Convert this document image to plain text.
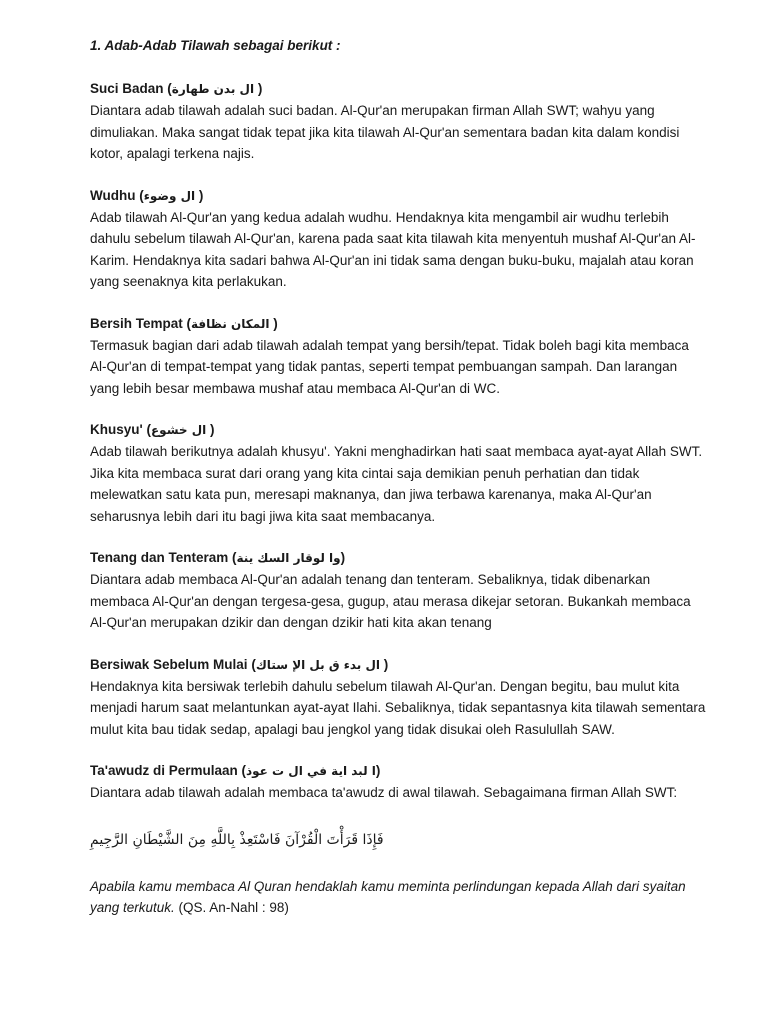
1. Adab-Adab Tilawah sebagai berikut :

Suci Badan (ال بدن طهارة )

Diantara adab tilawah adalah suci badan. Al-Qur'an merupakan firman Allah SWT; wahyu yang dimuliakan. Maka sangat tidak tepat jika kita tilawah Al-Qur'an sementara badan kita dalam kondisi kotor, apalagi terkena najis.

Wudhu (ال وضوء )

Adab tilawah Al-Qur'an yang kedua adalah wudhu. Hendaknya kita mengambil air wudhu terlebih dahulu sebelum tilawah Al-Qur'an, karena pada saat kita tilawah kita menyentuh mushaf Al-Qur'an Al-Karim. Hendaknya kita sadari bahwa Al-Qur'an ini tidak sama dengan buku-buku, majalah atau koran yang seenaknya kita perlakukan.

Bersih Tempat (المكان نظافة )

Termasuk bagian dari adab tilawah adalah tempat yang bersih/tepat. Tidak boleh bagi kita membaca Al-Qur'an di tempat-tempat yang tidak pantas, seperti tempat pembuangan sampah. Dan larangan yang lebih besar membawa mushaf atau membaca Al-Qur'an di WC.

Khusyu' (ال خشوع )

Adab tilawah berikutnya adalah khusyu'. Yakni menghadirkan hati saat membaca ayat-ayat Allah SWT. Jika kita membaca surat dari orang yang kita cintai saja demikian penuh perhatian dan tidak melewatkan satu kata pun, meresapi maknanya, dan jiwa terbawa karenanya, maka Al-Qur'an seharusnya lebih dari itu bagi jiwa kita saat membacanya.

Tenang dan Tenteram (وا لوقار السك ينة)

Diantara adab membaca Al-Qur'an adalah tenang dan tenteram. Sebaliknya, tidak dibenarkan membaca Al-Qur'an dengan tergesa-gesa, gugup, atau merasa dikejar setoran. Bukankah membaca Al-Qur'an merupakan dzikir dan dengan dzikir hati kita akan tenang

Bersiwak Sebelum Mulai (ال بدء ق بل الإ ستاك )

Hendaknya kita bersiwak terlebih dahulu sebelum tilawah Al-Qur'an. Dengan begitu, bau mulut kita menjadi harum saat melantunkan ayat-ayat Ilahi. Sebaliknya, tidak sepantasnya kita tilawah sementara mulut kita bau tidak sedap, apalagi bau jengkol yang tidak disukai oleh Rasulullah SAW.

Ta'awudz di Permulaan (ا لبد اية في ال ت عوذ)

Diantara adab tilawah adalah membaca ta'awudz di awal tilawah. Sebagaimana firman Allah SWT:

فَإِذَا قَرَأْتَ الْقُرْآنَ فَاسْتَعِذْ بِاللَّهِ مِنَ الشَّيْطَانِ الرَّجِيمِ

Apabila kamu membaca Al Quran hendaklah kamu meminta perlindungan kepada Allah dari syaitan yang terkutuk. (QS. An-Nahl : 98)
